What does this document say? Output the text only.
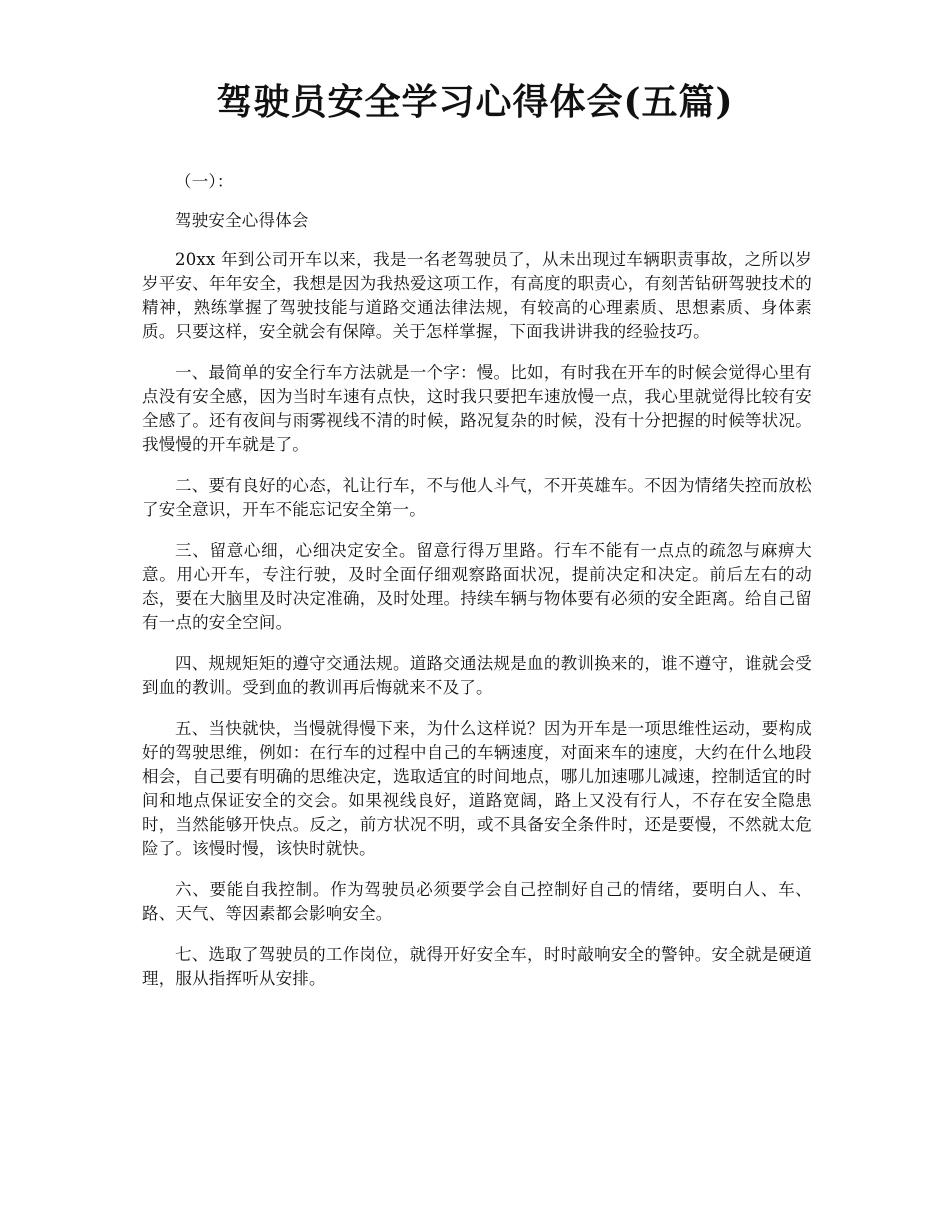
驾驶员安全学习心得体会(五篇)

（一）：

驾驶安全心得体会

20xx 年到公司开车以来，我是一名老驾驶员了，从未出现过车辆职责事故，之所以岁岁平安、年年安全，我想是因为我热爱这项工作，有高度的职责心，有刻苦钻研驾驶技术的精神，熟练掌握了驾驶技能与道路交通法律法规，有较高的心理素质、思想素质、身体素质。只要这样，安全就会有保障。关于怎样掌握，下面我讲讲我的经验技巧。

一、最简单的安全行车方法就是一个字：慢。比如，有时我在开车的时候会觉得心里有点没有安全感，因为当时车速有点快，这时我只要把车速放慢一点，我心里就觉得比较有安全感了。还有夜间与雨雾视线不清的时候，路况复杂的时候，没有十分把握的时候等状况。我慢慢的开车就是了。

二、要有良好的心态，礼让行车，不与他人斗气，不开英雄车。不因为情绪失控而放松了安全意识，开车不能忘记安全第一。

三、留意心细，心细决定安全。留意行得万里路。行车不能有一点点的疏忽与麻痹大意。用心开车，专注行驶，及时全面仔细观察路面状况，提前决定和决定。前后左右的动态，要在大脑里及时决定准确，及时处理。持续车辆与物体要有必须的安全距离。给自己留有一点的安全空间。

四、规规矩矩的遵守交通法规。道路交通法规是血的教训换来的，谁不遵守，谁就会受到血的教训。受到血的教训再后悔就来不及了。

五、当快就快，当慢就得慢下来，为什么这样说？因为开车是一项思维性运动，要构成好的驾驶思维，例如：在行车的过程中自己的车辆速度，对面来车的速度，大约在什么地段相会，自己要有明确的思维决定，选取适宜的时间地点，哪儿加速哪儿减速，控制适宜的时间和地点保证安全的交会。如果视线良好，道路宽阔，路上又没有行人，不存在安全隐患时，当然能够开快点。反之，前方状况不明，或不具备安全条件时，还是要慢，不然就太危险了。该慢时慢，该快时就快。

六、要能自我控制。作为驾驶员必须要学会自己控制好自己的情绪，要明白人、车、路、天气、等因素都会影响安全。

七、选取了驾驶员的工作岗位，就得开好安全车，时时敲响安全的警钟。安全就是硬道理，服从指挥听从安排。
